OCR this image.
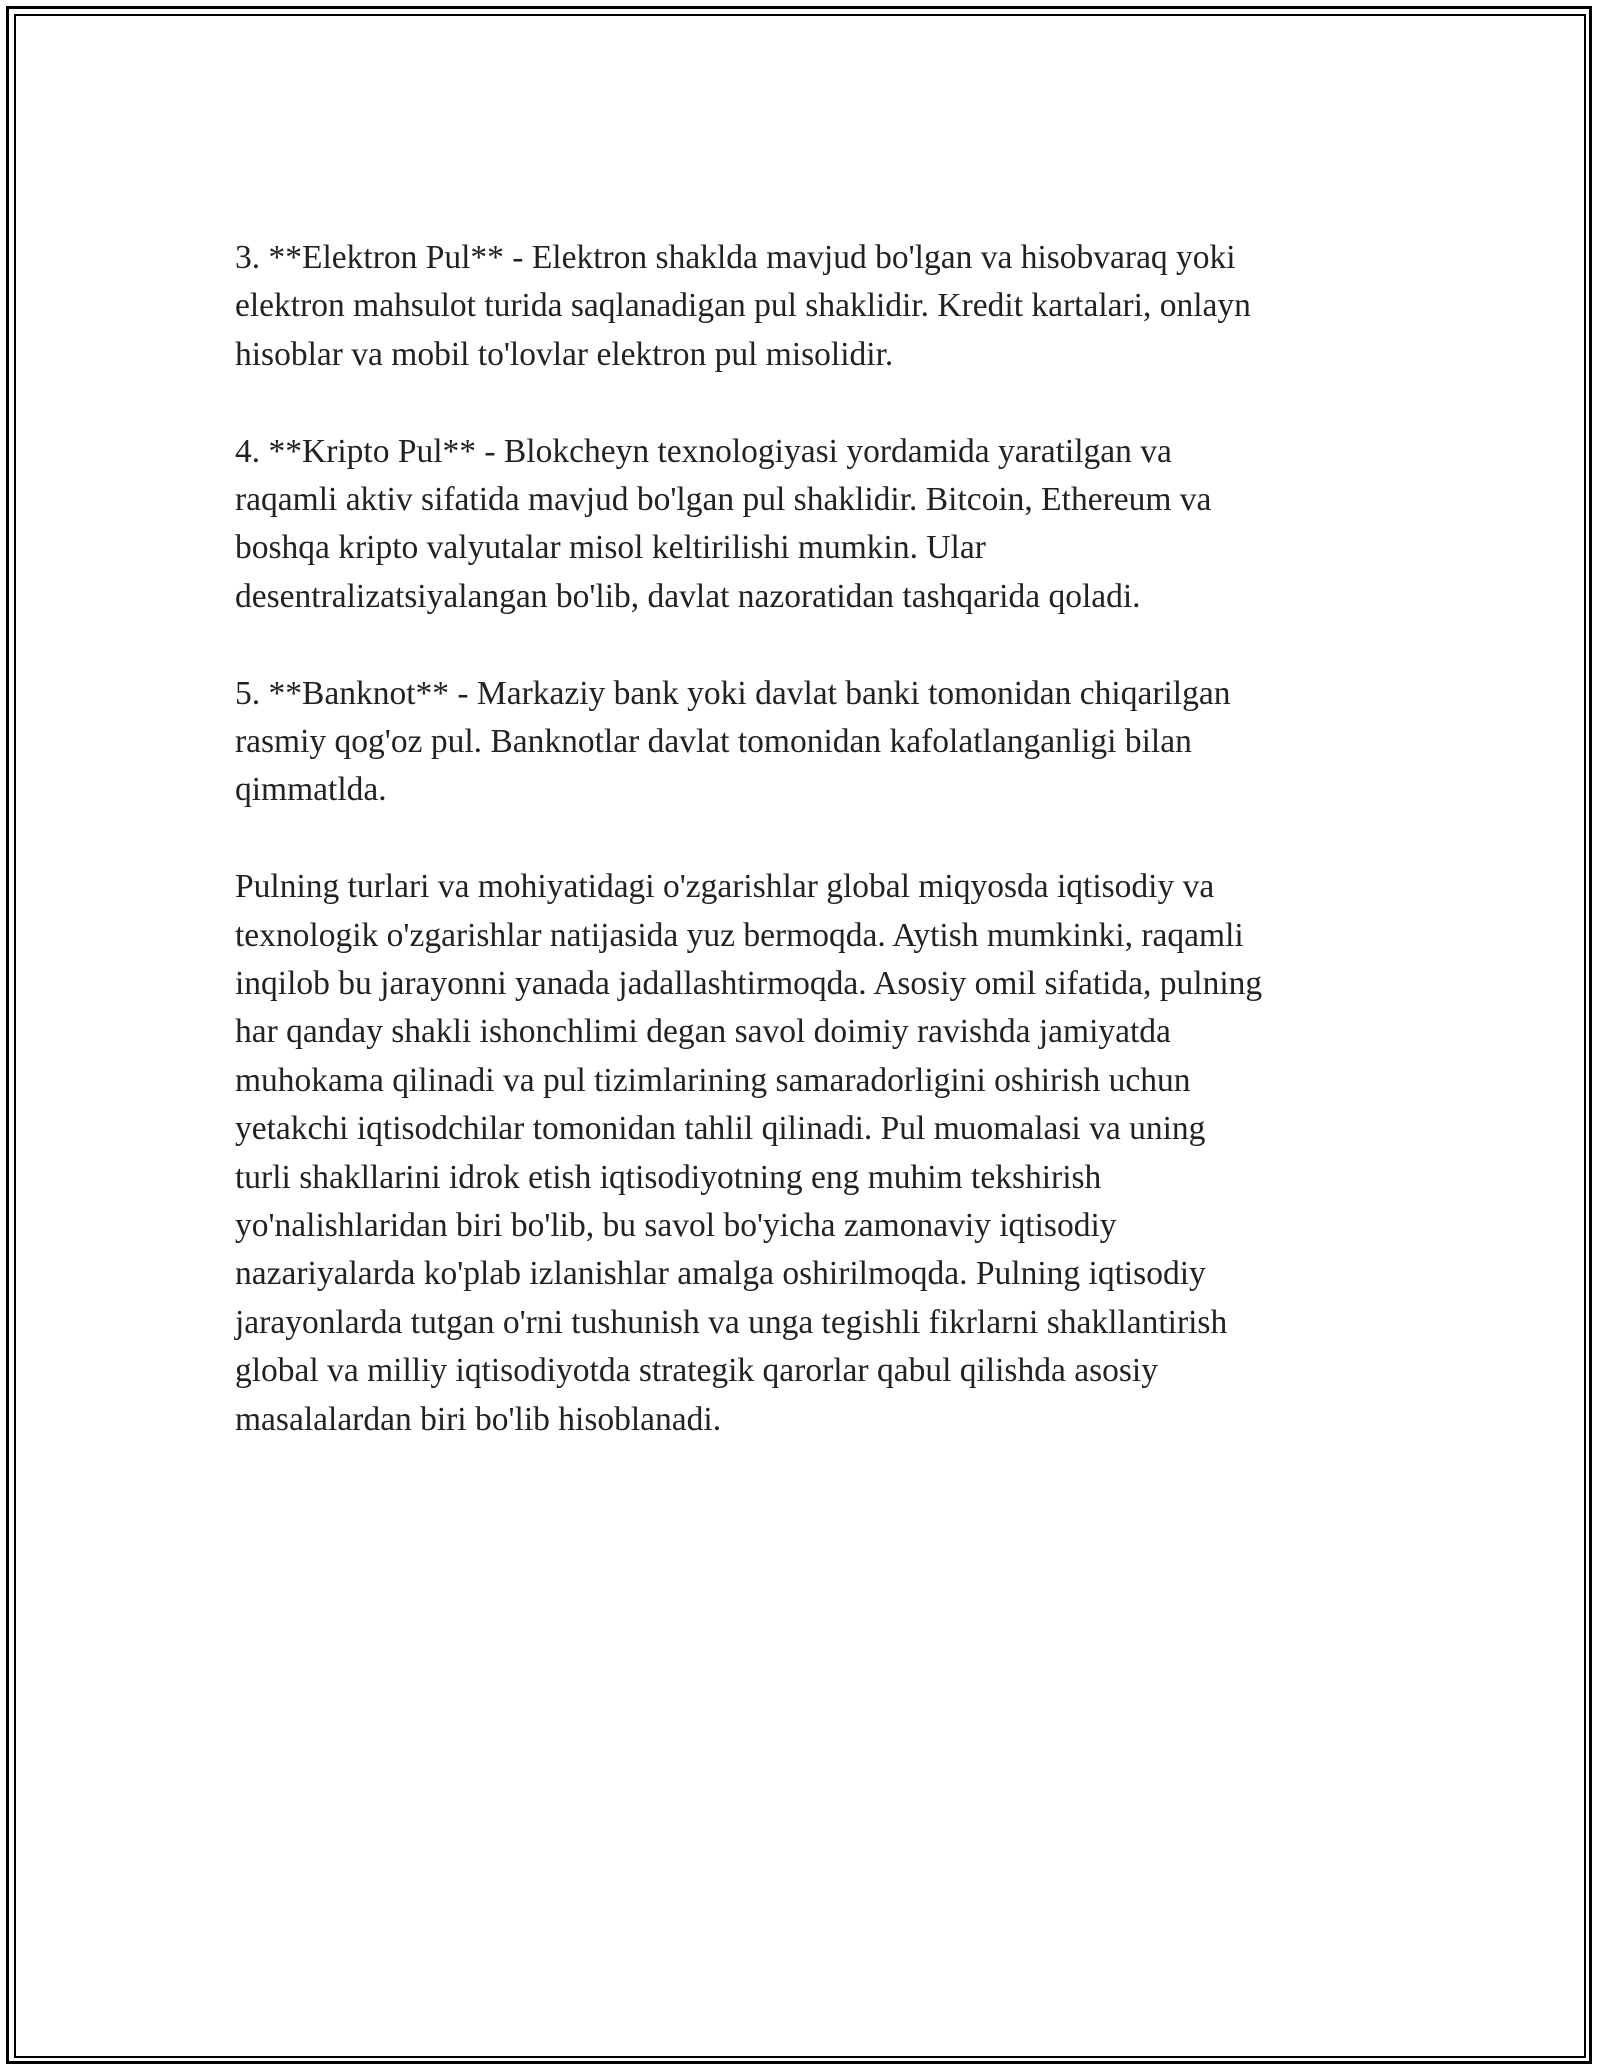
3. **Elektron Pul** - Elektron shaklda mavjud bo'lgan va hisobvaraq yoki
elektron mahsulot turida saqlanadigan pul shaklidir. Kredit kartalari, onlayn
hisoblar va mobil to'lovlar elektron pul misolidir.

4. **Kripto Pul** - Blokcheyn texnologiyasi yordamida yaratilgan va
raqamli aktiv sifatida mavjud bo'lgan pul shaklidir. Bitcoin, Ethereum va
boshqa kripto valyutalar misol keltirilishi mumkin. Ular
desentralizatsiyalangan bo'lib, davlat nazoratidan tashqarida qoladi.

5. **Banknot** - Markaziy bank yoki davlat banki tomonidan chiqarilgan
rasmiy qog'oz pul. Banknotlar davlat tomonidan kafolatlanganligi bilan
qimmatlda.

Pulning turlari va mohiyatidagi o'zgarishlar global miqyosda iqtisodiy va
texnologik o'zgarishlar natijasida yuz bermoqda. Aytish mumkinki, raqamli
inqilob bu jarayonni yanada jadallashtirmoqda. Asosiy omil sifatida, pulning
har qanday shakli ishonchlimi degan savol doimiy ravishda jamiyatda
muhokama qilinadi va pul tizimlarining samaradorligini oshirish uchun
yetakchi iqtisodchilar tomonidan tahlil qilinadi. Pul muomalasi va uning
turli shakllarini idrok etish iqtisodiyotning eng muhim tekshirish
yo'nalishlaridan biri bo'lib, bu savol bo'yicha zamonaviy iqtisodiy
nazariyalarda ko'plab izlanishlar amalga oshirilmoqda. Pulning iqtisodiy
jarayonlarda tutgan o'rni tushunish va unga tegishli fikrlarni shakllantirish
global va milliy iqtisodiyotda strategik qarorlar qabul qilishda asosiy
masalalardan biri bo'lib hisoblanadi.
